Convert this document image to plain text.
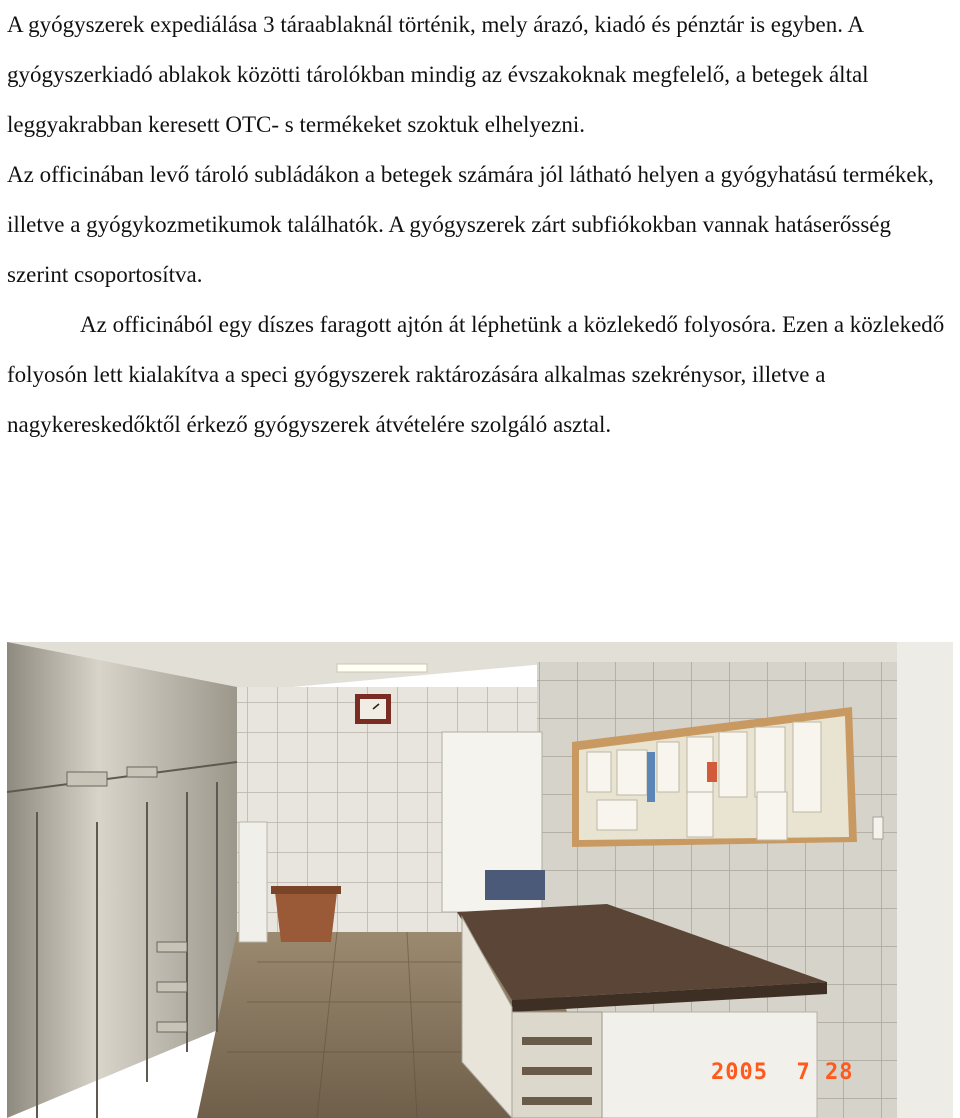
A gyógyszerek expediálása 3 táraablaknál történik, mely árazó, kiadó és pénztár is egyben. A gyógyszerkiadó ablakok közötti tárolókban mindig az évszakoknak megfelelő, a betegek által leggyakrabban keresett OTC- s termékeket szoktuk elhelyezni.

Az officinában levő tároló subládákon a betegek számára jól látható helyen a gyógyhatású termékek, illetve a gyógykozmetikumok találhatók. A gyógyszerek zárt subfiókokban vannak hatáserősség szerint csoportosítva.

Az officinából egy díszes faragott ajtón át léphetünk a közlekedő folyosóra. Ezen a közlekedő folyosón lett kialakítva a speci gyógyszerek raktározására alkalmas szekrénysor, illetve a nagykereskedőktől érkező gyógyszerek átvételére szolgáló asztal.

2005  7 28
